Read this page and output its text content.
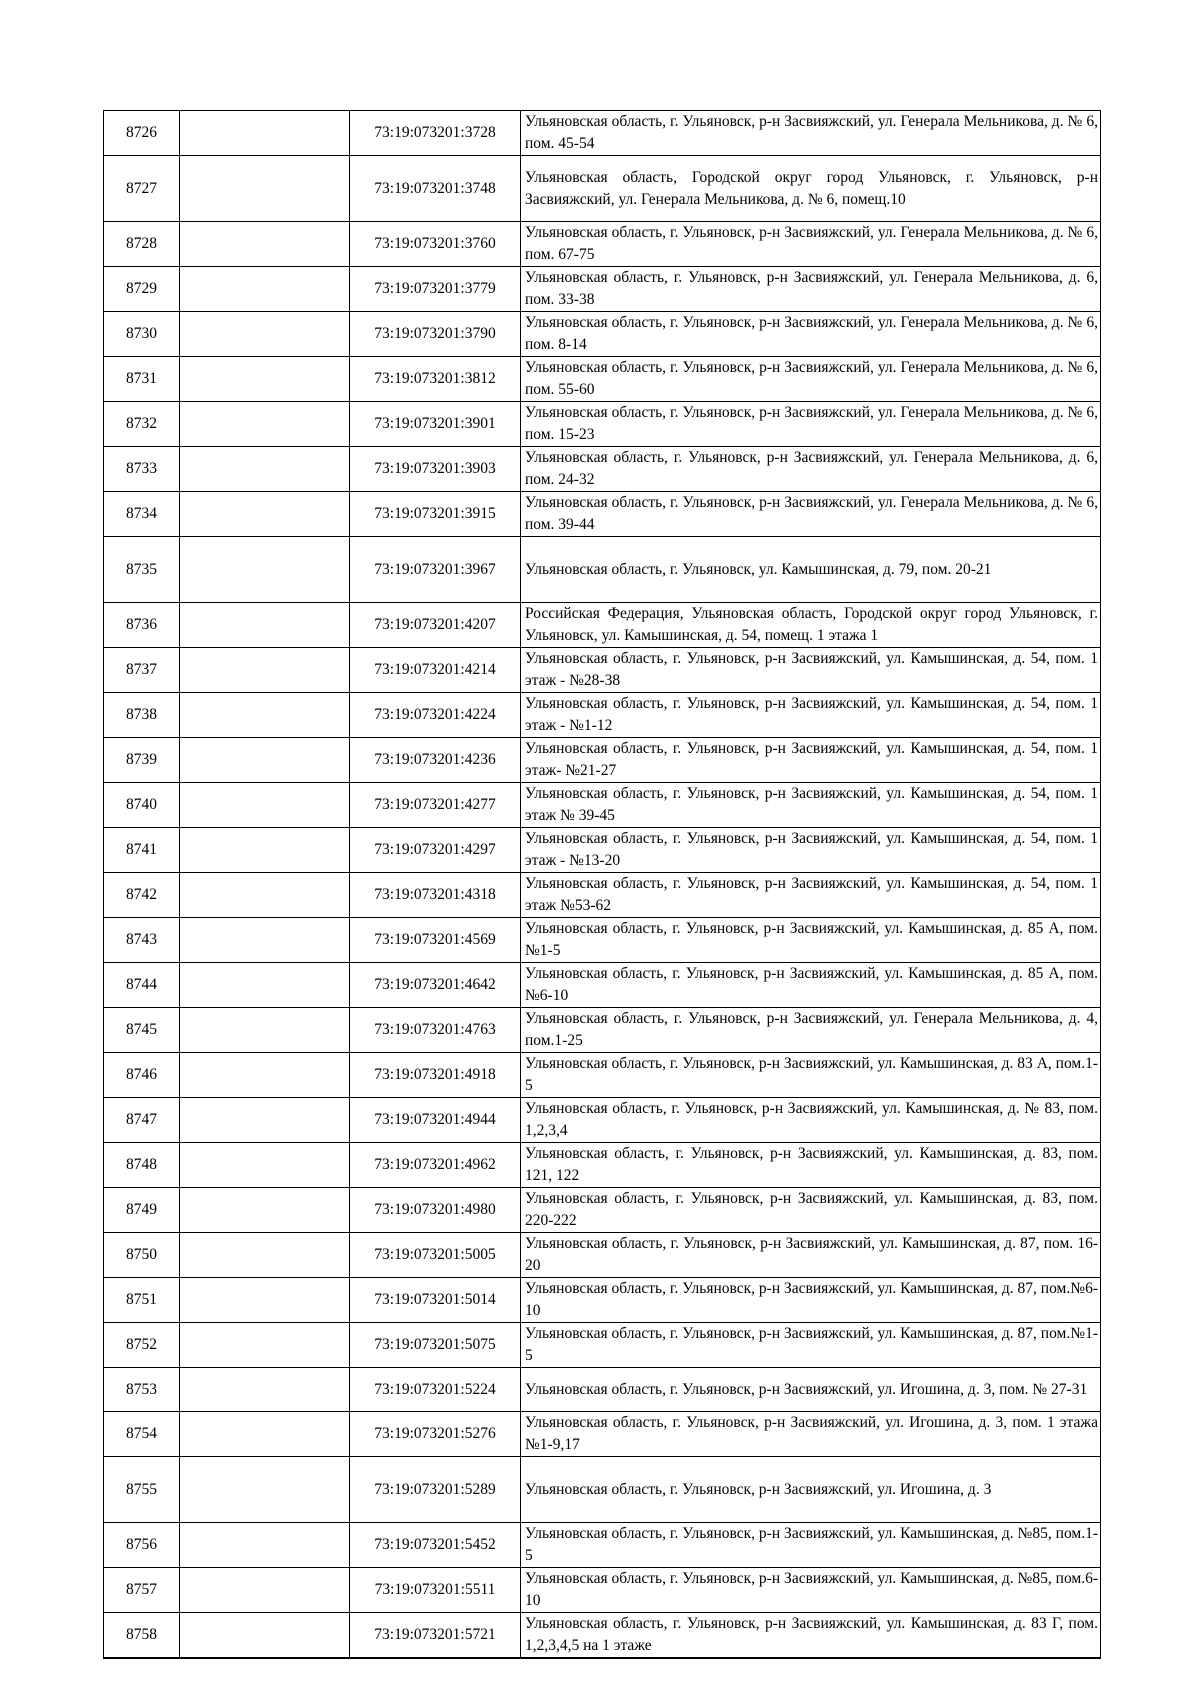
8726		73:19:073201:3728	Ульяновская область, г. Ульяновск, р-н Засвияжский, ул. Генерала Мельникова, д. № 6, пом. 45-54
8727		73:19:073201:3748	Ульяновская область, Городской округ город Ульяновск, г. Ульяновск, р-н Засвияжский, ул. Генерала Мельникова, д. № 6, помещ.10
8728		73:19:073201:3760	Ульяновская область, г. Ульяновск, р-н Засвияжский, ул. Генерала Мельникова, д. № 6, пом. 67-75
8729		73:19:073201:3779	Ульяновская область, г. Ульяновск, р-н Засвияжский, ул. Генерала Мельникова, д. 6, пом. 33-38
8730		73:19:073201:3790	Ульяновская область, г. Ульяновск, р-н Засвияжский, ул. Генерала Мельникова, д. № 6, пом. 8-14
8731		73:19:073201:3812	Ульяновская область, г. Ульяновск, р-н Засвияжский, ул. Генерала Мельникова, д. № 6, пом. 55-60
8732		73:19:073201:3901	Ульяновская область, г. Ульяновск, р-н Засвияжский, ул. Генерала Мельникова, д. № 6, пом. 15-23
8733		73:19:073201:3903	Ульяновская область, г. Ульяновск, р-н Засвияжский, ул. Генерала Мельникова, д. 6, пом. 24-32
8734		73:19:073201:3915	Ульяновская область, г. Ульяновск, р-н Засвияжский, ул. Генерала Мельникова, д. № 6, пом. 39-44
8735		73:19:073201:3967	Ульяновская область, г. Ульяновск, ул. Камышинская, д. 79, пом. 20-21
8736		73:19:073201:4207	Российская Федерация, Ульяновская область, Городской округ город Ульяновск, г. Ульяновск, ул. Камышинская, д. 54, помещ. 1 этажа 1
8737		73:19:073201:4214	Ульяновская область, г. Ульяновск, р-н Засвияжский, ул. Камышинская, д. 54, пом. 1 этаж - №28-38
8738		73:19:073201:4224	Ульяновская область, г. Ульяновск, р-н Засвияжский, ул. Камышинская, д. 54, пом. 1 этаж - №1-12
8739		73:19:073201:4236	Ульяновская область, г. Ульяновск, р-н Засвияжский, ул. Камышинская, д. 54, пом. 1 этаж- №21-27
8740		73:19:073201:4277	Ульяновская область, г. Ульяновск, р-н Засвияжский, ул. Камышинская, д. 54, пом. 1 этаж № 39-45
8741		73:19:073201:4297	Ульяновская область, г. Ульяновск, р-н Засвияжский, ул. Камышинская, д. 54, пом. 1 этаж - №13-20
8742		73:19:073201:4318	Ульяновская область, г. Ульяновск, р-н Засвияжский, ул. Камышинская, д. 54, пом. 1 этаж №53-62
8743		73:19:073201:4569	Ульяновская область, г. Ульяновск, р-н Засвияжский, ул. Камышинская, д. 85 А, пом. №1-5
8744		73:19:073201:4642	Ульяновская область, г. Ульяновск, р-н Засвияжский, ул. Камышинская, д. 85 А, пом.№6-10
8745		73:19:073201:4763	Ульяновская область, г. Ульяновск, р-н Засвияжский, ул. Генерала Мельникова, д. 4, пом.1-25
8746		73:19:073201:4918	Ульяновская область, г. Ульяновск, р-н Засвияжский, ул. Камышинская, д. 83 А, пом.1-5
8747		73:19:073201:4944	Ульяновская область, г. Ульяновск, р-н Засвияжский, ул. Камышинская, д. № 83, пом. 1,2,3,4
8748		73:19:073201:4962	Ульяновская область, г. Ульяновск, р-н Засвияжский, ул. Камышинская, д. 83, пом. 121, 122
8749		73:19:073201:4980	Ульяновская область, г. Ульяновск, р-н Засвияжский, ул. Камышинская, д. 83, пом. 220-222
8750		73:19:073201:5005	Ульяновская область, г. Ульяновск, р-н Засвияжский, ул. Камышинская, д. 87, пом. 16-20
8751		73:19:073201:5014	Ульяновская область, г. Ульяновск, р-н Засвияжский, ул. Камышинская, д. 87, пом.№6-10
8752		73:19:073201:5075	Ульяновская область, г. Ульяновск, р-н Засвияжский, ул. Камышинская, д. 87, пом.№1-5
8753		73:19:073201:5224	Ульяновская область, г. Ульяновск, р-н Засвияжский, ул. Игошина, д. 3, пом. № 27-31
8754		73:19:073201:5276	Ульяновская область, г. Ульяновск, р-н Засвияжский, ул. Игошина, д. 3, пом. 1 этажа №1-9,17
8755		73:19:073201:5289	Ульяновская область, г. Ульяновск, р-н Засвияжский, ул. Игошина, д. 3
8756		73:19:073201:5452	Ульяновская область, г. Ульяновск, р-н Засвияжский, ул. Камышинская, д. №85, пом.1-5
8757		73:19:073201:5511	Ульяновская область, г. Ульяновск, р-н Засвияжский, ул. Камышинская, д. №85, пом.6-10
8758		73:19:073201:5721	Ульяновская область, г. Ульяновск, р-н Засвияжский, ул. Камышинская, д. 83 Г, пом. 1,2,3,4,5 на 1 этаже
